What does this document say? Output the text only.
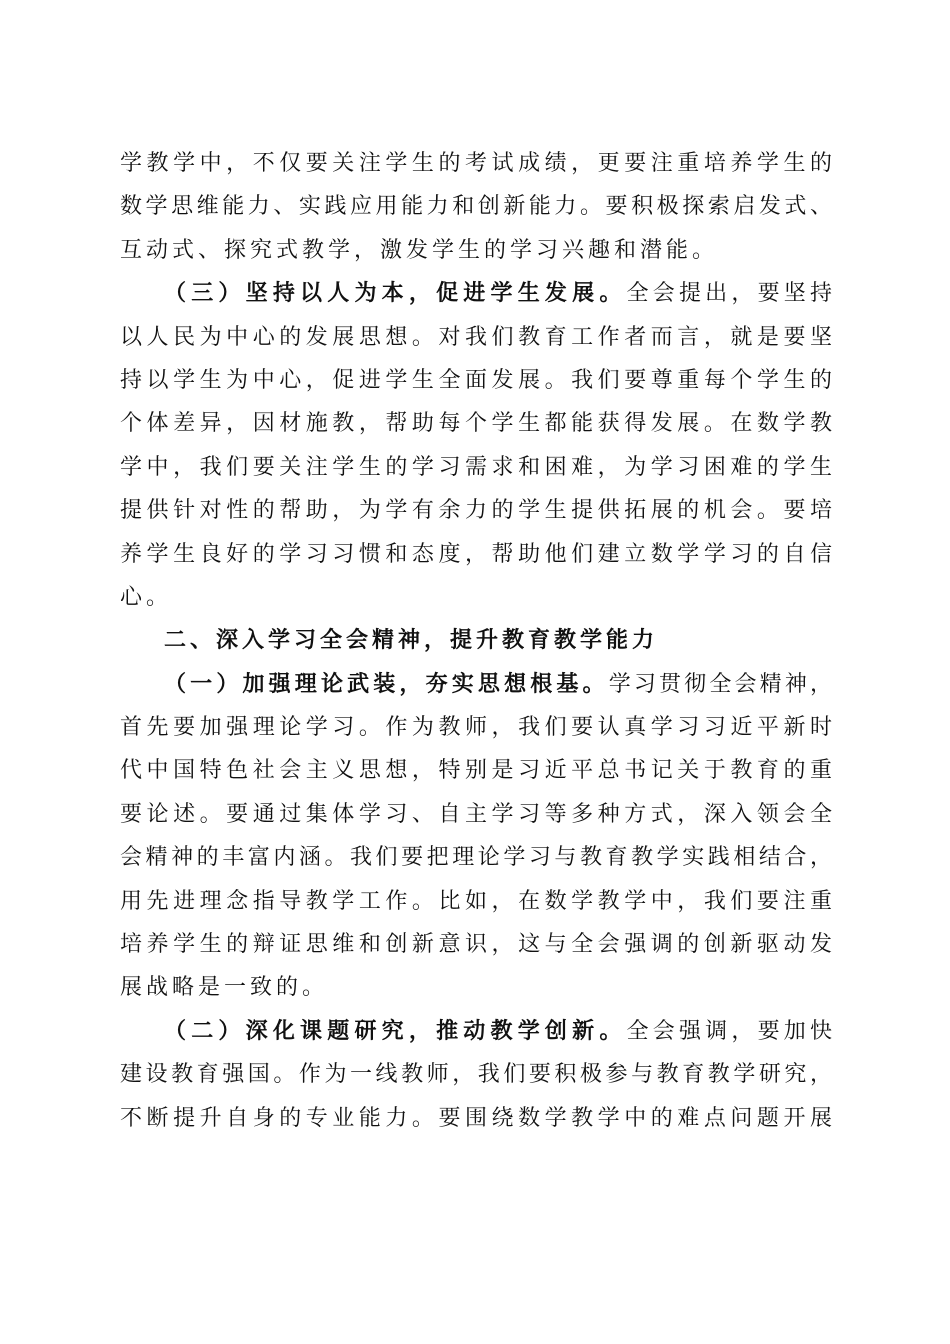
学教学中，不仅要关注学生的考试成绩，更要注重培养学生的
数学思维能力、实践应用能力和创新能力。要积极探索启发式、
互动式、探究式教学，激发学生的学习兴趣和潜能。
（三）坚持以人为本，促进学生发展。全会提出，要坚持
以人民为中心的发展思想。对我们教育工作者而言，就是要坚
持以学生为中心，促进学生全面发展。我们要尊重每个学生的
个体差异，因材施教，帮助每个学生都能获得发展。在数学教
学中，我们要关注学生的学习需求和困难，为学习困难的学生
提供针对性的帮助，为学有余力的学生提供拓展的机会。要培
养学生良好的学习习惯和态度，帮助他们建立数学学习的自信
心。
二、深入学习全会精神，提升教育教学能力
（一）加强理论武装，夯实思想根基。学习贯彻全会精神，
首先要加强理论学习。作为教师，我们要认真学习习近平新时
代中国特色社会主义思想，特别是习近平总书记关于教育的重
要论述。要通过集体学习、自主学习等多种方式，深入领会全
会精神的丰富内涵。我们要把理论学习与教育教学实践相结合，
用先进理念指导教学工作。比如，在数学教学中，我们要注重
培养学生的辩证思维和创新意识，这与全会强调的创新驱动发
展战略是一致的。
（二）深化课题研究，推动教学创新。全会强调，要加快
建设教育强国。作为一线教师，我们要积极参与教育教学研究，
不断提升自身的专业能力。要围绕数学教学中的难点问题开展
